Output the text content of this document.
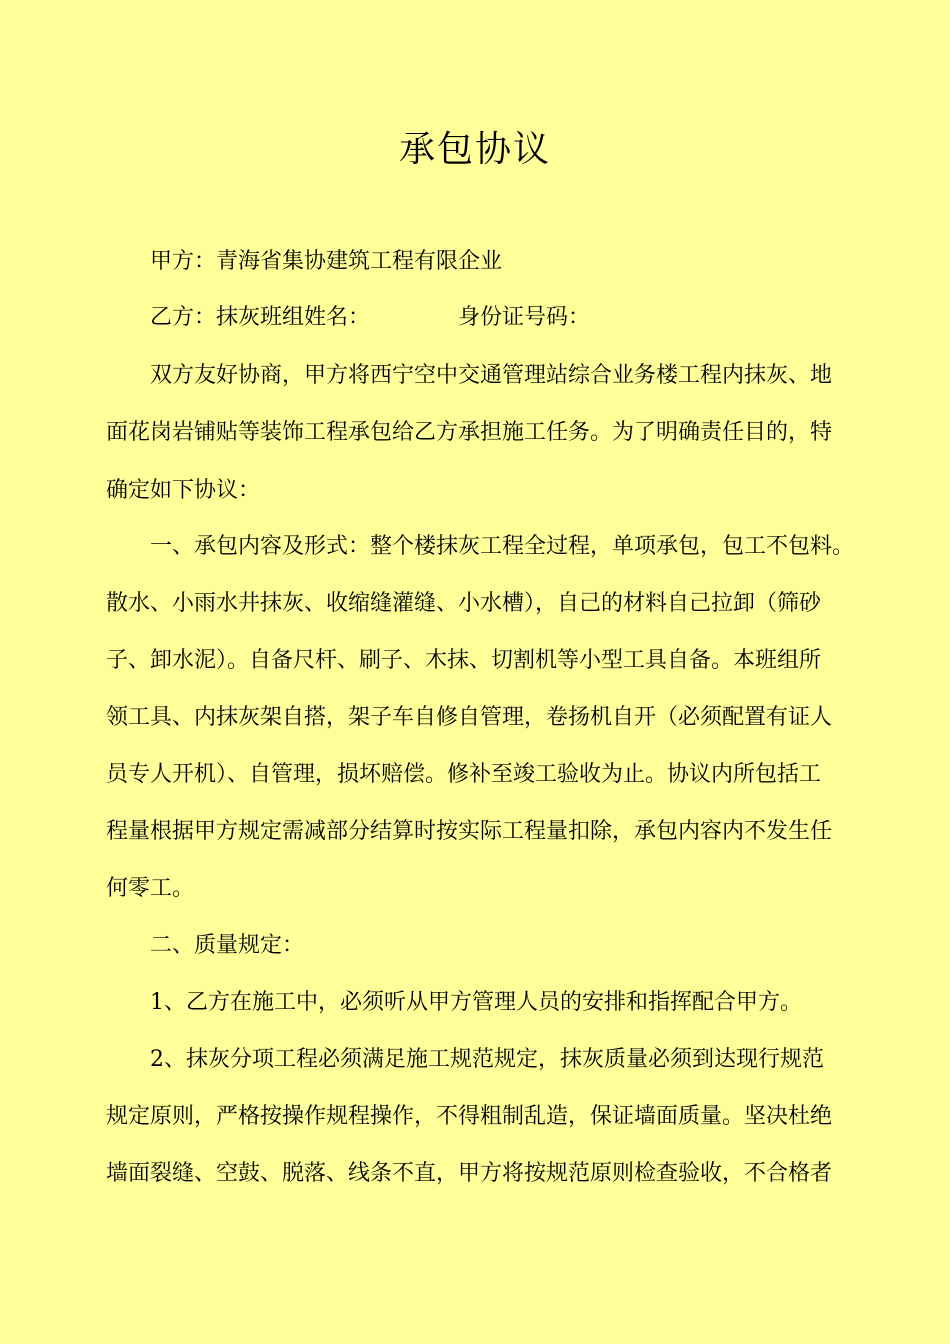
承包协议
甲方：青海省集协建筑工程有限企业
乙方：抹灰班组姓名：	身份证号码：
双方友好协商，甲方将西宁空中交通管理站综合业务楼工程内抹灰、地
面花岗岩铺贴等装饰工程承包给乙方承担施工任务。为了明确责任目的，特
确定如下协议：
一、承包内容及形式：整个楼抹灰工程全过程，单项承包，包工不包料。
散水、小雨水井抹灰、收缩缝灌缝、小水槽），自己的材料自己拉卸（筛砂
子、卸水泥）。自备尺杆、刷子、木抹、切割机等小型工具自备。本班组所
领工具、内抹灰架自搭，架子车自修自管理，卷扬机自开（必须配置有证人
员专人开机）、自管理，损坏赔偿。修补至竣工验收为止。协议内所包括工
程量根据甲方规定需减部分结算时按实际工程量扣除，承包内容内不发生任
何零工。
二、质量规定：
1、乙方在施工中，必须听从甲方管理人员的安排和指挥配合甲方。
2、抹灰分项工程必须满足施工规范规定，抹灰质量必须到达现行规范
规定原则，严格按操作规程操作，不得粗制乱造，保证墙面质量。坚决杜绝
墙面裂缝、空鼓、脱落、线条不直，甲方将按规范原则检查验收，不合格者
